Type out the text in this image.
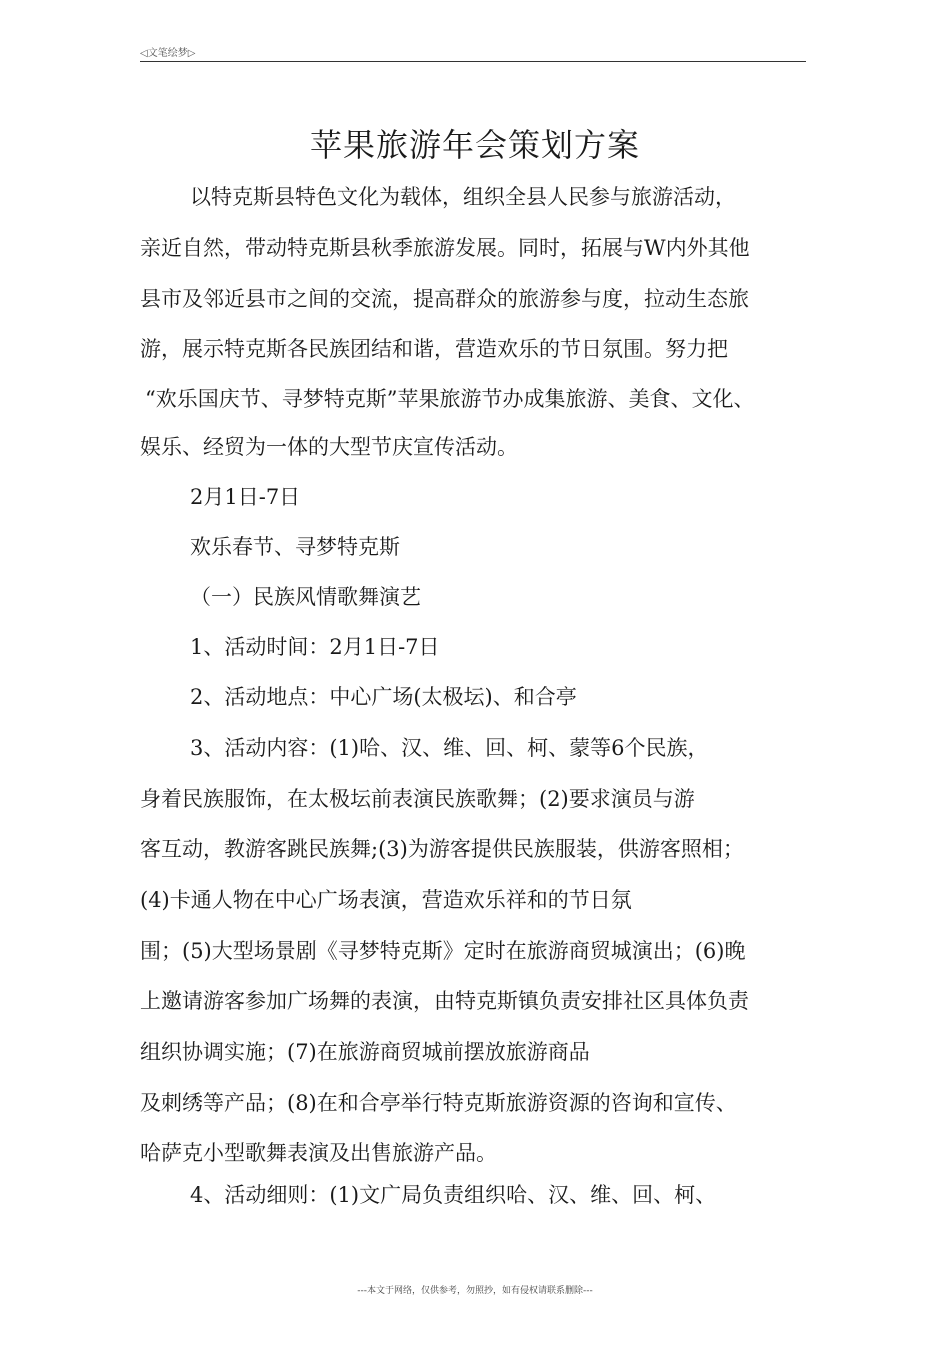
◁文笔绘梦▷
苹果旅游年会策划方案
以特克斯县特色文化为载体，组织全县人民参与旅游活动，
亲近自然，带动特克斯县秋季旅游发展。同时，拓展与W内外其他
县市及邻近县市之间的交流，提高群众的旅游参与度，拉动生态旅
游，展示特克斯各民族团结和谐，营造欢乐的节日氛围。努力把
“欢乐国庆节、寻梦特克斯”苹果旅游节办成集旅游、美食、文化、
娱乐、经贸为一体的大型节庆宣传活动。
2月1日-7日
欢乐春节、寻梦特克斯
（一）民族风情歌舞演艺
1、活动时间：2月1日-7日
2、活动地点：中心广场(太极坛)、和合亭
3、活动内容：(1)哈、汉、维、回、柯、蒙等6个民族，
身着民族服饰，在太极坛前表演民族歌舞；(2)要求演员与游
客互动，教游客跳民族舞;(3)为游客提供民族服装，供游客照相；
(4)卡通人物在中心广场表演，营造欢乐祥和的节日氛
围；(5)大型场景剧《寻梦特克斯》定时在旅游商贸城演出；(6)晚
上邀请游客参加广场舞的表演，由特克斯镇负责安排社区具体负责
组织协调实施；(7)在旅游商贸城前摆放旅游商品
及刺绣等产品；(8)在和合亭举行特克斯旅游资源的咨询和宣传、
哈萨克小型歌舞表演及出售旅游产品。
4、活动细则：(1)文广局负责组织哈、汉、维、回、柯、
---本文于网络，仅供参考，勿照抄，如有侵权请联系删除---
